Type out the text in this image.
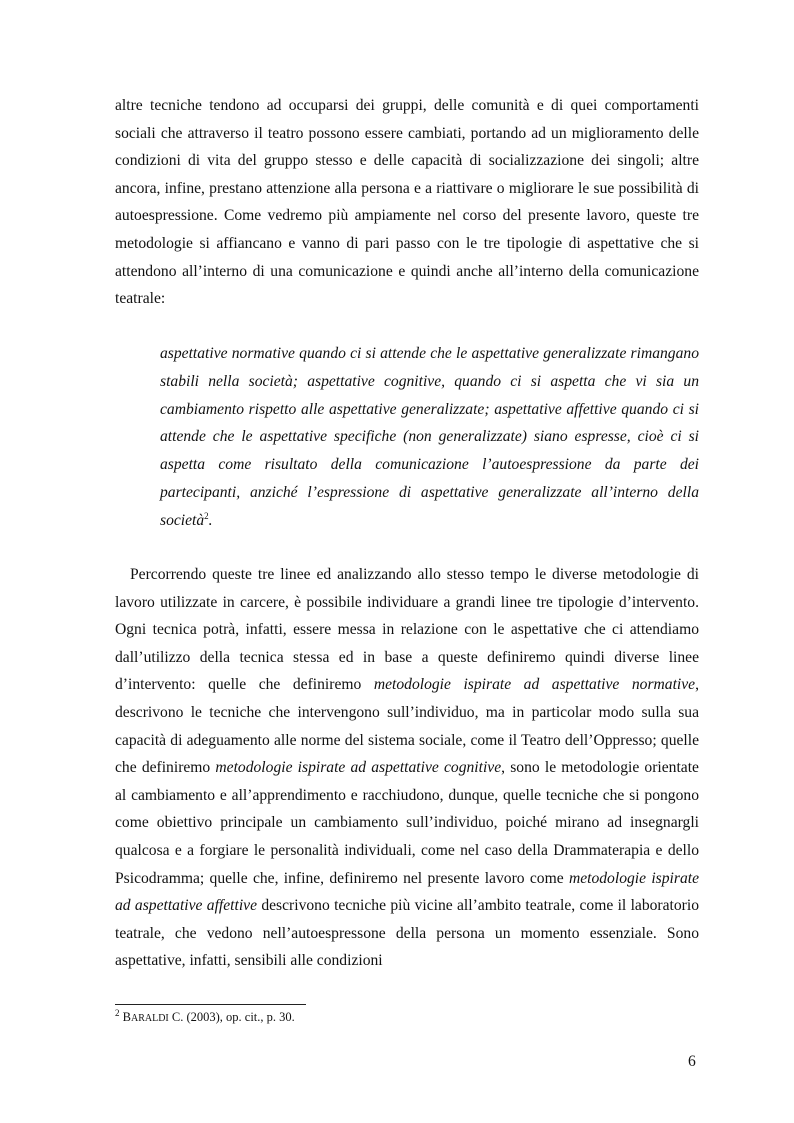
altre tecniche tendono ad occuparsi dei gruppi, delle comunità e di quei comportamenti sociali che attraverso il teatro possono essere cambiati, portando ad un miglioramento delle condizioni di vita del gruppo stesso e delle capacità di socializzazione dei singoli; altre ancora, infine, prestano attenzione alla persona e a riattivare o migliorare le sue possibilità di autoespressione. Come vedremo più ampiamente nel corso del presente lavoro, queste tre metodologie si affiancano e vanno di pari passo con le tre tipologie di aspettative che si attendono all’interno di una comunicazione e quindi anche all’interno della comunicazione teatrale:

aspettative normative quando ci si attende che le aspettative generalizzate rimangano stabili nella società; aspettative cognitive, quando ci si aspetta che vi sia un cambiamento rispetto alle aspettative generalizzate; aspettative affettive quando ci si attende che le aspettative specifiche (non generalizzate) siano espresse, cioè ci si aspetta come risultato della comunicazione l’autoespressione da parte dei partecipanti, anziché l’espressione di aspettative generalizzate all’interno della società$^2$.

Percorrendo queste tre linee ed analizzando allo stesso tempo le diverse metodologie di lavoro utilizzate in carcere, è possibile individuare a grandi linee tre tipologie d’intervento. Ogni tecnica potrà, infatti, essere messa in relazione con le aspettative che ci attendiamo dall’utilizzo della tecnica stessa ed in base a queste definiremo quindi diverse linee d’intervento: quelle che definiremo metodologie ispirate ad aspettative normative, descrivono le tecniche che intervengono sull’individuo, ma in particolar modo sulla sua capacità di adeguamento alle norme del sistema sociale, come il Teatro dell’Oppresso; quelle che definiremo metodologie ispirate ad aspettative cognitive, sono le metodologie orientate al cambiamento e all’apprendimento e racchiudono, dunque, quelle tecniche che si pongono come obiettivo principale un cambiamento sull’individuo, poiché mirano ad insegnargli qualcosa e a forgiare le personalità individuali, come nel caso della Drammaterapia e dello Psicodramma; quelle che, infine, definiremo nel presente lavoro come metodologie ispirate ad aspettative affettive descrivono tecniche più vicine all’ambito teatrale, come il laboratorio teatrale, che vedono nell’autoespressone della persona un momento essenziale. Sono aspettative, infatti, sensibili alle condizioni

$^2$ BARALDI C. (2003), op. cit., p. 30.

6
